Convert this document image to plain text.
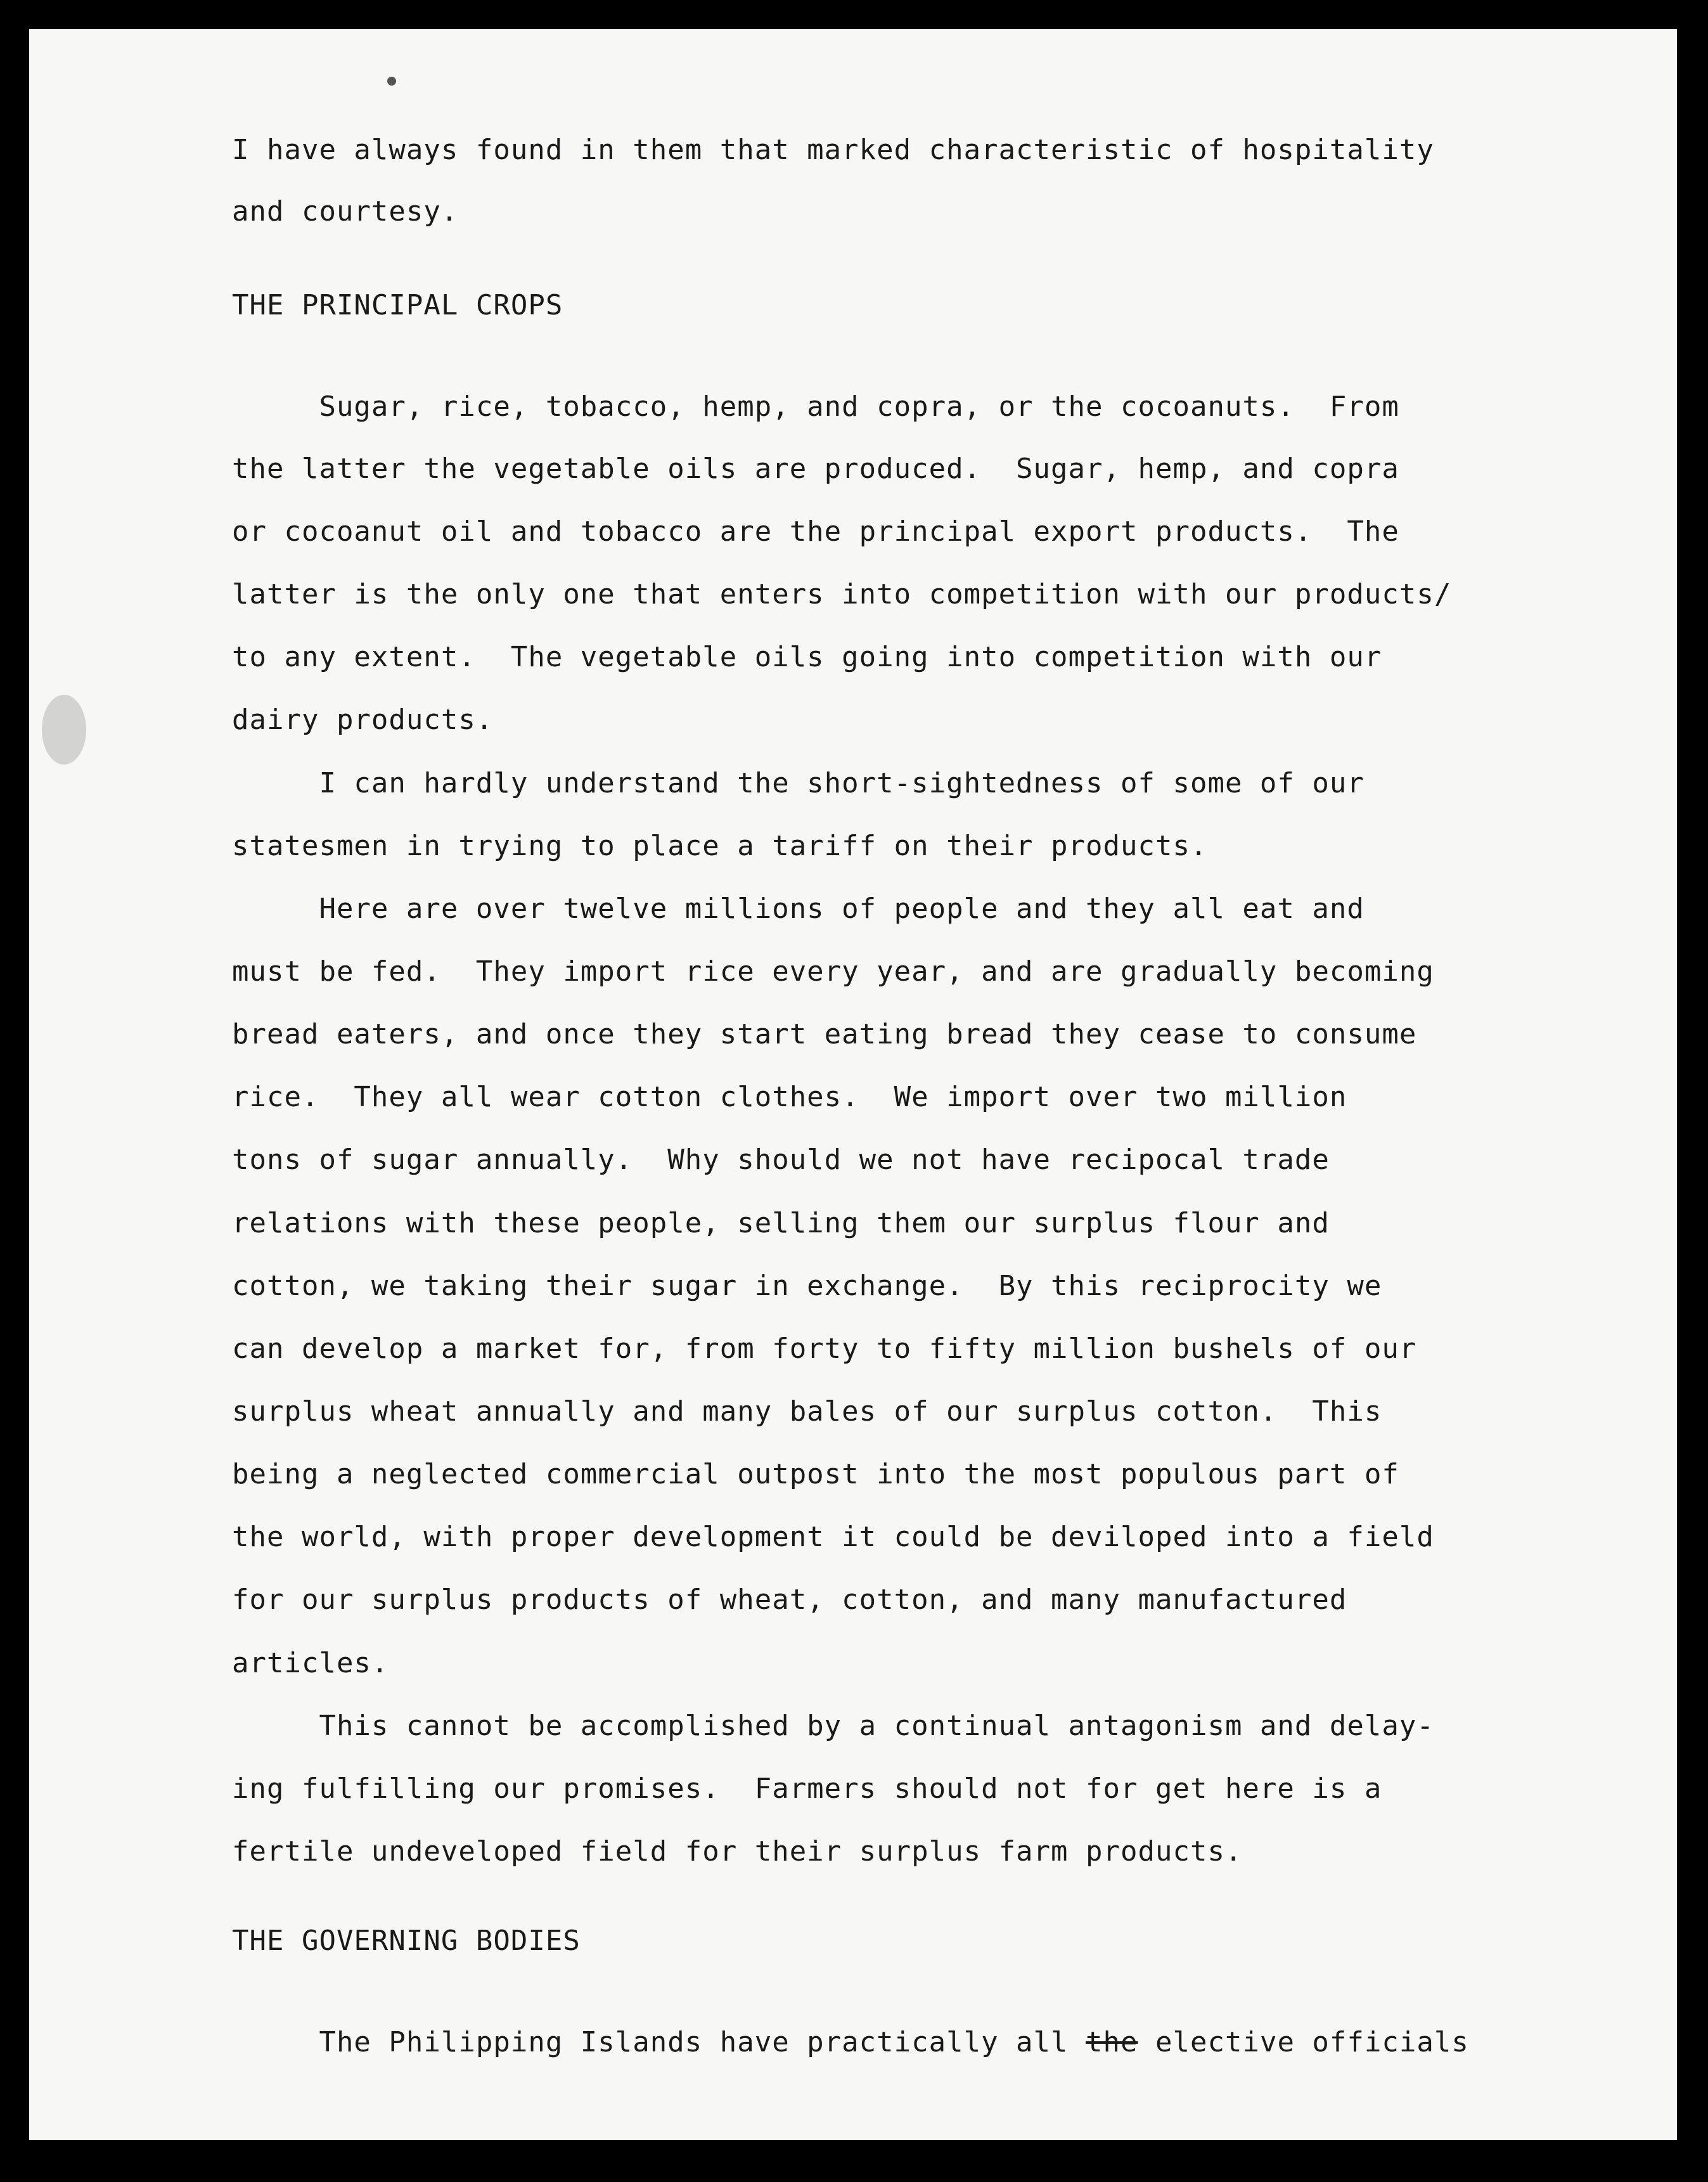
I have always found in them that marked characteristic of hospitality

and courtesy.

THE PRINCIPAL CROPS

Sugar, rice, tobacco, hemp, and copra, or the cocoanuts.  From

the latter the vegetable oils are produced.  Sugar, hemp, and copra

or cocoanut oil and tobacco are the principal export products.  The

latter is the only one that enters into competition with our products/

to any extent.  The vegetable oils going into competition with our

dairy products.

I can hardly understand the short-sightedness of some of our

statesmen in trying to place a tariff on their products.

Here are over twelve millions of people and they all eat and

must be fed.  They import rice every year, and are gradually becoming

bread eaters, and once they start eating bread they cease to consume

rice.  They all wear cotton clothes.  We import over two million

tons of sugar annually.  Why should we not have recipocal trade

relations with these people, selling them our surplus flour and

cotton, we taking their sugar in exchange.  By this reciprocity we

can develop a market for, from forty to fifty million bushels of our

surplus wheat annually and many bales of our surplus cotton.  This

being a neglected commercial outpost into the most populous part of

the world, with proper development it could be deviloped into a field

for our surplus products of wheat, cotton, and many manufactured

articles.

This cannot be accomplished by a continual antagonism and delay-

ing fulfilling our promises.  Farmers should not for get here is a

fertile undeveloped field for their surplus farm products.

THE GOVERNING BODIES

The Philipping Islands have practically all the elective officials
